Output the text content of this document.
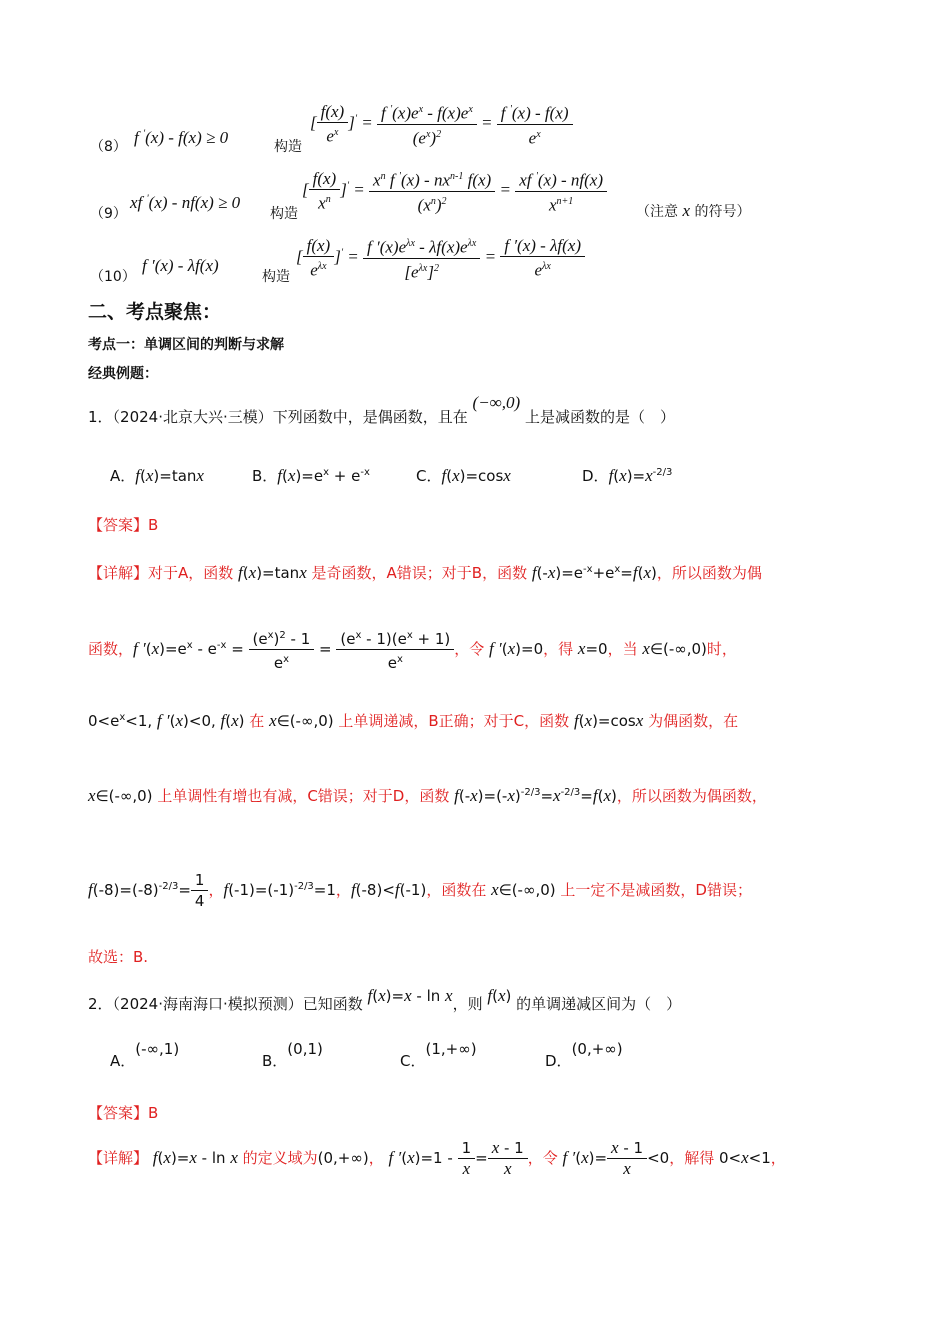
（8） f '(x) - f(x) ≥ 0	构造
[ $\frac{f(x)}{e^x} ]' = \frac{f '(x)e^x - f(x)e^x}{(e^x)^2} = \frac{f '(x) - f(x)}{e^x}$
（9）
xf '(x) - nf(x) ≥ 0
构造
[ $\frac{f(x)}{x^n} ]' = \frac{x^n f '(x) - nx^{n-1} f(x)}{(x^n)^2} = \frac{xf '(x) - nf(x)}{x^{n+1}}$ （注意 x 的符号）
（10）
f ′(x) - λf(x)
构造
[ $\frac{f(x)}{e^{\lambda x}} ]' = \frac{f '(x)e^{\lambda x} - \lambda f(x)e^{\lambda x}}{[e^{\lambda x}]^2} = \frac{f '(x) - \lambda f(x)}{e^{\lambda x}}$
二、考点聚焦：
考点一：单调区间的判断与求解
经典例题：
1．（2024·北京大兴·三模）下列函数中，是偶函数，且在 (−∞,0) 上是减函数的是（　）
A．f(x)=tanx	B．$f(x)=e^x + e^{-x}$	C．f(x)=cosx	D．$f(x)=x^{-2/3}$
【答案】B
【详解】对于A，函数 f(x)=tanx 是奇函数，A错误；对于B，函数 $f(-x)=e^{-x}+e^x=f(x)$，所以函数为偶
函数，f $'(x)=e^x - e^{-x} = \frac{(e^x)^2 - 1}{e^x} = \frac{(e^x - 1)(e^x + 1)}{e^x}$ ，令 f ′(x)=0，得 x=0，当 x∈(-∞,0)时，
$0<e^x<1$, f ′(x)<0, f(x) 在 x∈(-∞,0) 上单调递减，B正确；对于C，函数 f(x)=cosx 为偶函数，在
x∈(-∞,0) 上单调性有增也有减，C错误；对于D，函数 $f(-x)=(-x)^{-2/3}=x^{-2/3}=f(x)$，所以函数为偶函数，
$f(-8)=(-8)^{-2/3}= \frac{1}{4}$ ，$f(-1)=(-1)^{-2/3}=1$，f(-8)<f(-1)，函数在 x∈(-∞,0) 上一定不是减函数，D错误；
故选：B.
2．（2024·海南海口·模拟预测）已知函数 f(x)=x - ln x，则 f(x) 的单调递减区间为（　）
A．(-∞,1)
B．(0,1)
C．(1,+∞)
D．(0,+∞)
【答案】B
【详解】 f(x)=x - ln x 的定义域为(0,+∞)， f $'(x)=1 - \frac{1}{x} = \frac{x - 1}{x}$ ，令 f $'(x)= \frac{x - 1}{x} <0$，解得 0<x<1，
